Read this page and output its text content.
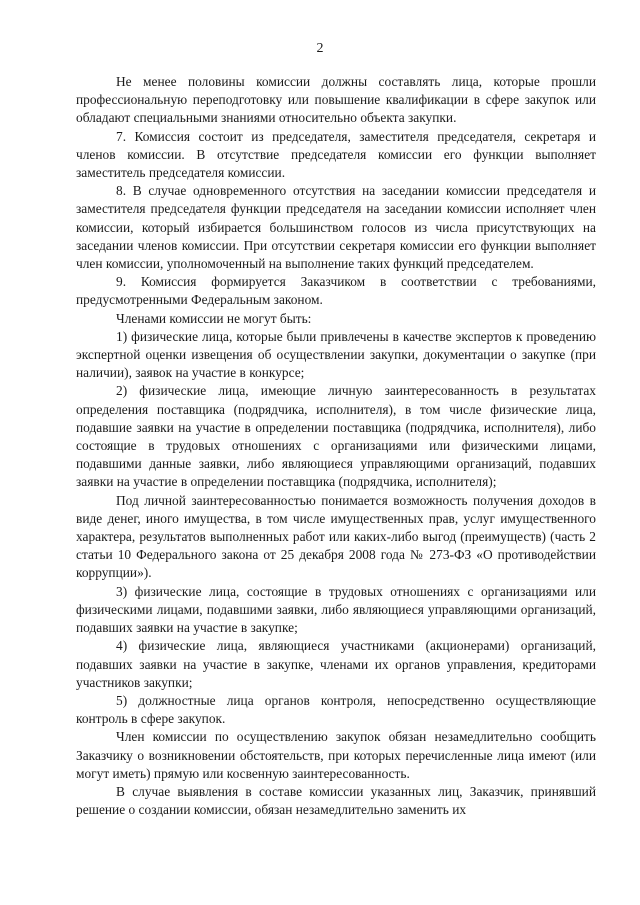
2

Не менее половины комиссии должны составлять лица, которые прошли профессиональную переподготовку или повышение квалификации в сфере закупок или обладают специальными знаниями относительно объекта закупки.

7. Комиссия состоит из председателя, заместителя председателя, секретаря и членов комиссии. В отсутствие председателя комиссии его функции выполняет заместитель председателя комиссии.

8. В случае одновременного отсутствия на заседании комиссии председателя и заместителя председателя функции председателя на заседании комиссии исполняет член комиссии, который избирается большинством голосов из числа присутствующих на заседании членов комиссии. При отсутствии секретаря комиссии его функции выполняет член комиссии, уполномоченный на выполнение таких функций председателем.

9. Комиссия формируется Заказчиком в соответствии с требованиями, предусмотренными Федеральным законом.

Членами комиссии не могут быть:

1) физические лица, которые были привлечены в качестве экспертов к проведению экспертной оценки извещения об осуществлении закупки, документации о закупке (при наличии), заявок на участие в конкурсе;

2) физические лица, имеющие личную заинтересованность в результатах определения поставщика (подрядчика, исполнителя), в том числе физические лица, подавшие заявки на участие в определении поставщика (подрядчика, исполнителя), либо состоящие в трудовых отношениях с организациями или физическими лицами, подавшими данные заявки, либо являющиеся управляющими организаций, подавших заявки на участие в определении поставщика (подрядчика, исполнителя);

Под личной заинтересованностью понимается возможность получения доходов в виде денег, иного имущества, в том числе имущественных прав, услуг имущественного характера, результатов выполненных работ или каких-либо выгод (преимуществ) (часть 2 статьи 10 Федерального закона от 25 декабря 2008 года № 273-ФЗ «О противодействии коррупции»).

3) физические лица, состоящие в трудовых отношениях с организациями или физическими лицами, подавшими заявки, либо являющиеся управляющими организаций, подавших заявки на участие в закупке;

4) физические лица, являющиеся участниками (акционерами) организаций, подавших заявки на участие в закупке, членами их органов управления, кредиторами участников закупки;

5) должностные лица органов контроля, непосредственно осуществляющие контроль в сфере закупок.

Член комиссии по осуществлению закупок обязан незамедлительно сообщить Заказчику о возникновении обстоятельств, при которых перечисленные лица имеют (или могут иметь) прямую или косвенную заинтересованность.

В случае выявления в составе комиссии указанных лиц, Заказчик, принявший решение о создании комиссии, обязан незамедлительно заменить их
